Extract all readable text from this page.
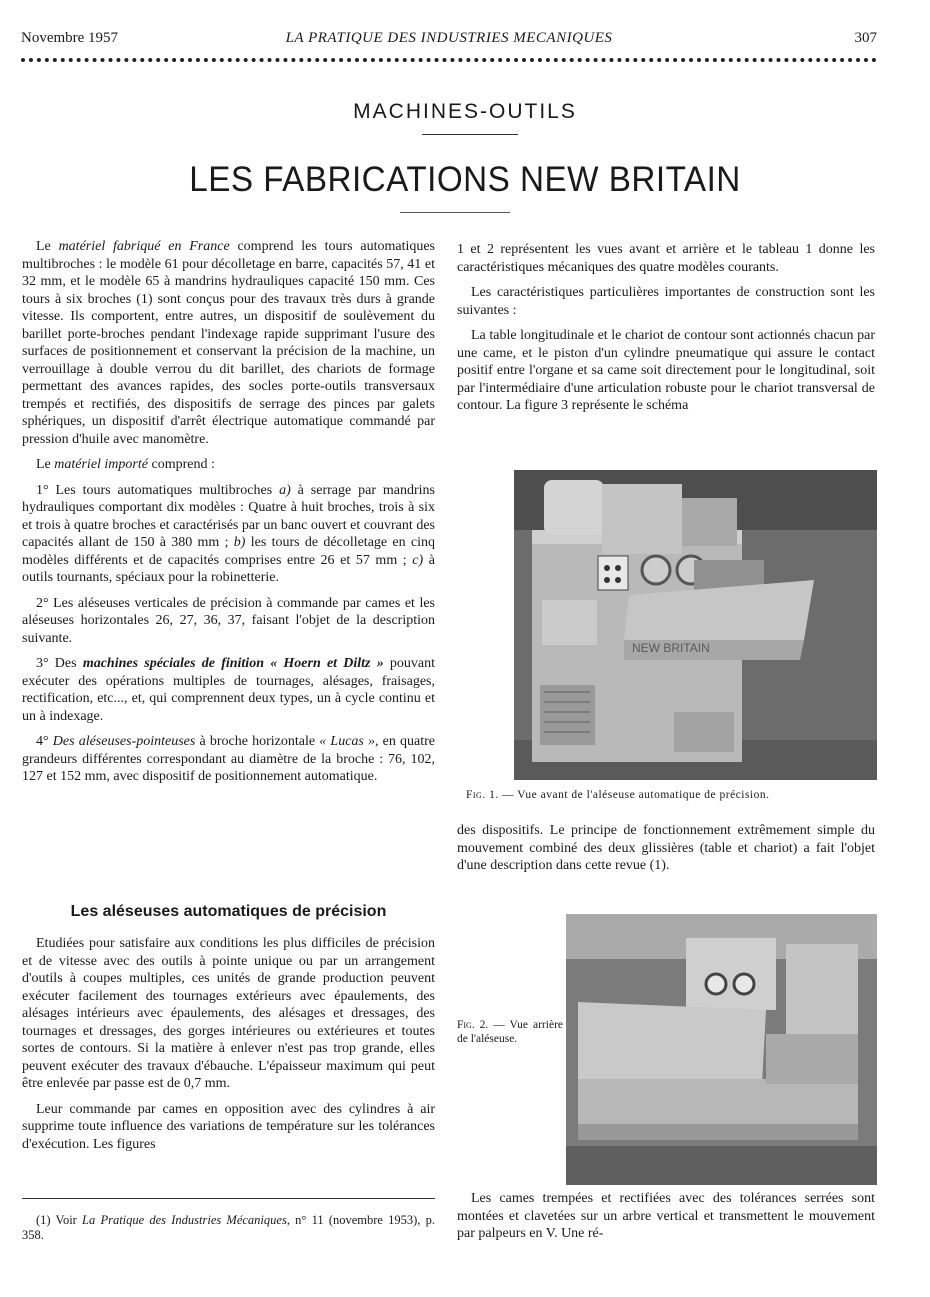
Novembre 1957	LA PRATIQUE DES INDUSTRIES MECANIQUES	307
MACHINES-OUTILS
LES FABRICATIONS NEW BRITAIN

Le matériel fabriqué en France comprend les tours automatiques multibroches : le modèle 61 pour décolletage en barre, capacités 57, 41 et 32 mm, et le modèle 65 à mandrins hydrauliques capacité 150 mm. Ces tours à six broches (1) sont conçus pour des travaux très durs à grande vitesse. Ils comportent, entre autres, un dispositif de soulèvement du barillet porte-broches pendant l'indexage rapide supprimant l'usure des surfaces de positionnement et conservant la précision de la machine, un verrouillage à double verrou du dit barillet, des chariots de formage permettant des avances rapides, des socles porte-outils transversaux trempés et rectifiés, des dispositifs de serrage des pinces par galets sphériques, un dispositif d'arrêt électrique automatique commandé par pression d'huile avec manomètre.

Le matériel importé comprend :

1° Les tours automatiques multibroches a) à serrage par mandrins hydrauliques comportant dix modèles : Quatre à huit broches, trois à six et trois à quatre broches et caractérisés par un banc ouvert et couvrant des capacités allant de 150 à 380 mm ; b) les tours de décolletage en cinq modèles différents et de capacités comprises entre 26 et 57 mm ; c) à outils tournants, spéciaux pour la robinetterie.

2° Les aléseuses verticales de précision à commande par cames et les aléseuses horizontales 26, 27, 36, 37, faisant l'objet de la description suivante.

3° Des machines spéciales de finition « Hoern et Diltz » pouvant exécuter des opérations multiples de tournages, alésages, fraisages, rectification, etc..., et, qui comprennent deux types, un à cycle continu et un à indexage.

4° Des aléseuses-pointeuses à broche horizontale « Lucas », en quatre grandeurs différentes correspondant au diamètre de la broche : 76, 102, 127 et 152 mm, avec dispositif de positionnement automatique.

Les aléseuses automatiques de précision

Etudiées pour satisfaire aux conditions les plus difficiles de précision et de vitesse avec des outils à pointe unique ou par un arrangement d'outils à coupes multiples, ces unités de grande production peuvent exécuter facilement des tournages extérieurs avec épaulements, des alésages intérieurs avec épaulements, des alésages et dressages, des tournages et dressages, des gorges intérieures ou extérieures et toutes sortes de contours. Si la matière à enlever n'est pas trop grande, elles peuvent exécuter des travaux d'ébauche. L'épaisseur maximum qui peut être enlevée par passe est de 0,7 mm.

Leur commande par cames en opposition avec des cylindres à air supprime toute influence des variations de température sur les tolérances d'exécution. Les figures

(1) Voir La Pratique des Industries Mécaniques, n° 11 (novembre 1953), p. 358.

1 et 2 représentent les vues avant et arrière et le tableau 1 donne les caractéristiques mécaniques des quatre modèles courants.

Les caractéristiques particulières importantes de construction sont les suivantes :

La table longitudinale et le chariot de contour sont actionnés chacun par une came, et le piston d'un cylindre pneumatique qui assure le contact positif entre l'organe et sa came soit directement pour le longitudinal, soit par l'intermédiaire d'une articulation robuste pour le chariot transversal de contour. La figure 3 représente le schéma

NEW BRITAIN
Fig. 1. — Vue avant de l'aléseuse automatique de précision.

des dispositifs. Le principe de fonctionnement extrêmement simple du mouvement combiné des deux glissières (table et chariot) a fait l'objet d'une description dans cette revue (1).

Fig. 2. — Vue arrière de l'aléseuse.

Les cames trempées et rectifiées avec des tolérances serrées sont montées et clavetées sur un arbre vertical et transmettent le mouvement par palpeurs en V. Une ré-
